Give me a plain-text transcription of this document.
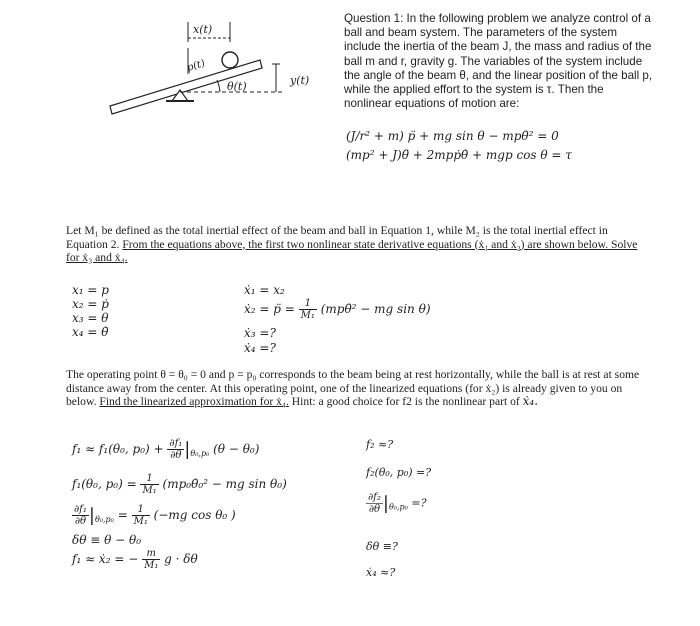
x(t)
p(t)
θ(t)	y(t)
Question 1: In the following problem we analyze control of a ball and beam system. The parameters of the system include the inertia of the beam J, the mass and radius of the ball m and r, gravity g. The variables of the system include the angle of the beam θ, and the linear position of the ball p, while the applied effort to the system is τ. Then the nonlinear equations of motion are:
(J/r² + m) p̈ + mg sin θ − mpθ̇² = 0
(mp² + J)θ̈ + 2mpṗθ̇ + mgp cos θ = τ
Let M₁ be defined as the total inertial effect of the beam and ball in Equation 1, while M₂ is the total inertial effect in Equation 2. From the equations above, the first two nonlinear state derivative equations (ẋ₁ and ẋ₂) are shown below. Solve for ẋ₃ and ẋ₄.
x₁ = p
x₂ = ṗ
x₃ = θ
x₄ = θ̇
ẋ₁ = x₂
ẋ₂ = p̈ = $\frac{1}{\text{M₁}}$ (mpθ̇² − mg sin θ)
ẋ₃ =?
ẋ₄ =?
The operating point θ = θ₀ = 0 and p = p₀ corresponds to the beam being at rest horizontally, while the ball is at rest at some distance away from the center. At this operating point, one of the linearized equations (for ẋ₂) is already given to you on below. Find the linearized approximation for ẋ₄. Hint: a good choice for f2 is the nonlinear part of ẋ₄.
f₁ ≈ f₁(θ₀, $p_0) + \frac{\text{∂f₁}}{\partial\theta} |_{\theta_0,p_0}$ (θ − θ₀)
f₁(θ₀, $p_0) = \frac{1}{\text{M₁}}$ (mp₀θ̇₀² − mg sin θ₀)
$\frac{\text{∂f₁}}{\partial\theta} |_{\theta_0,p_0} = \frac{1}{\text{M₁}} (-mg$ cos θ₀ )
δθ ≡ θ − θ₀
f₁ ≈ ẋ₂ = − $\frac{m}{\text{M₁}}$ g · δθ
f₂ ≈?
f₂(θ₀, p₀) =?
$\frac{\text{∂f₂}}{\partial\theta} |_{\theta_0,p_0}$ =?
δθ ≡?
ẋ₄ ≈?
